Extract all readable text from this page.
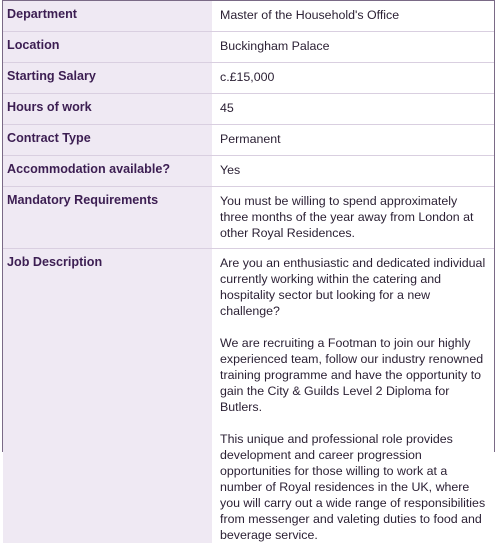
Department	Master of the Household's Office
Location	Buckingham Palace
Starting Salary	c.£15,000
Hours of work	45
Contract Type	Permanent
Accommodation available?	Yes
Mandatory Requirements	You must be willing to spend approximately three months of the year away from London at other Royal Residences.
Job Description	Are you an enthusiastic and dedicated individual currently working within the catering and hospitality sector but looking for a new challenge?

We are recruiting a Footman to join our highly experienced team, follow our industry renowned training programme and have the opportunity to gain the City & Guilds Level 2 Diploma for Butlers.

This unique and professional role provides development and career progression opportunities for those willing to work at a number of Royal residences in the UK, where you will carry out a wide range of responsibilities from messenger and valeting duties to food and beverage service.
